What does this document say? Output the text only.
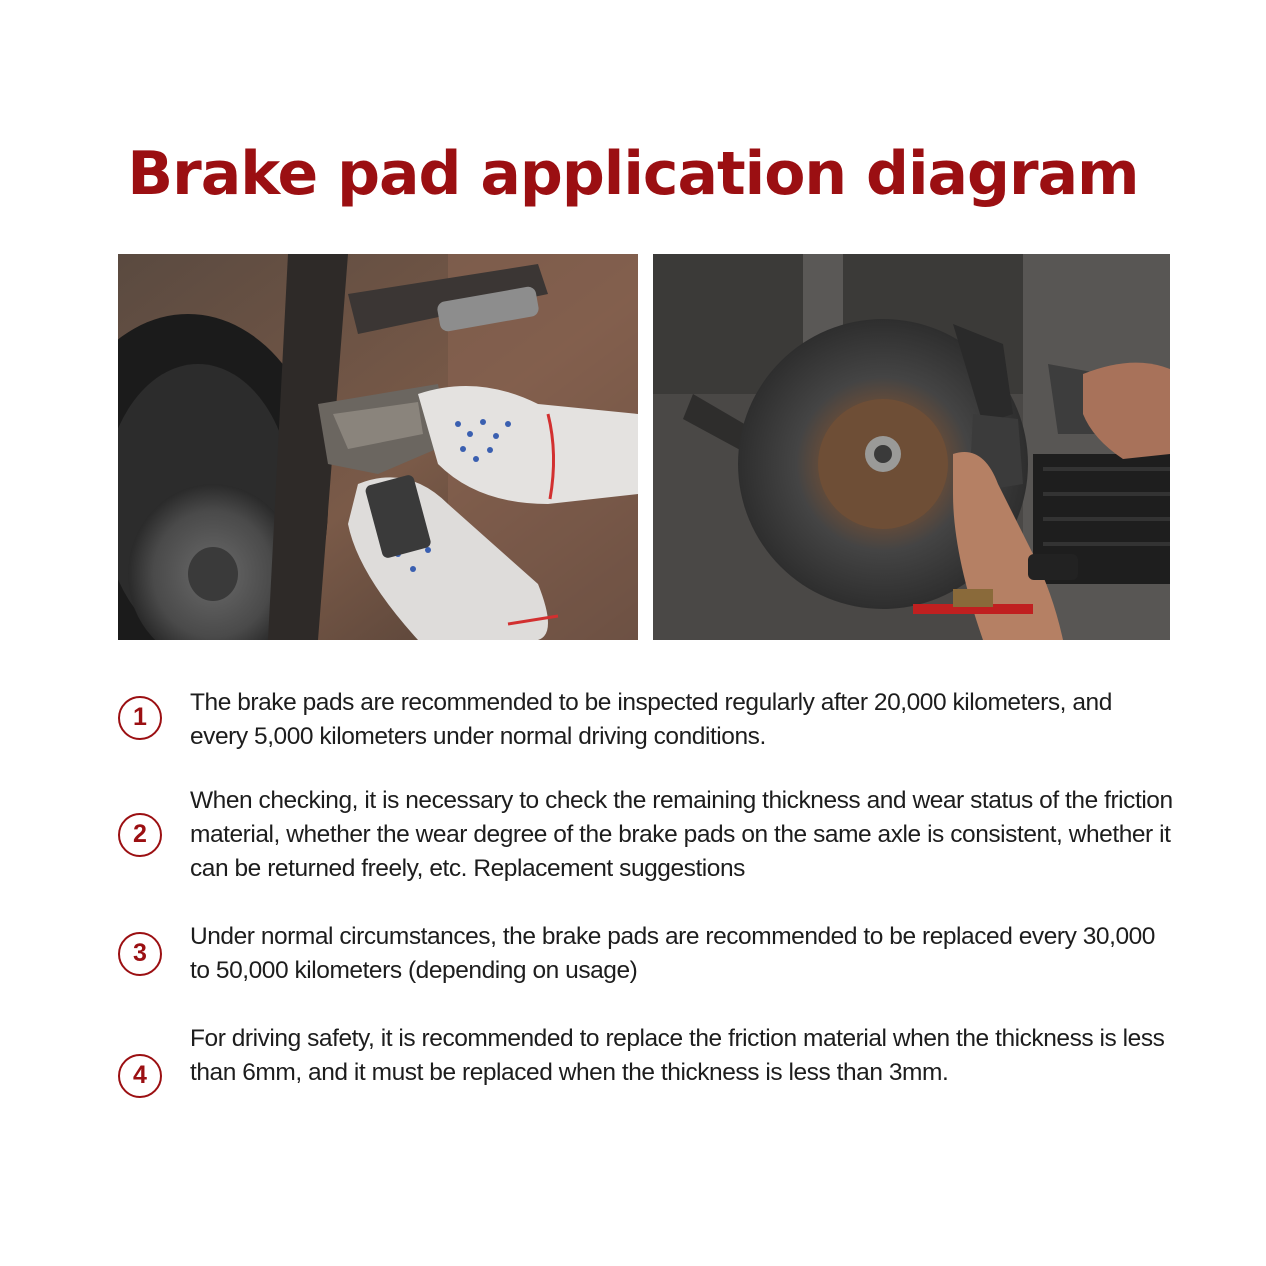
Brake pad application diagram
1

The brake pads are recommended to be inspected regularly after 20,000 kilometers, and every 5,000 kilometers under normal driving conditions.

2

When checking, it is necessary to check the remaining thickness and wear status of the friction material, whether the wear degree of the brake pads on the same axle is consistent, whether it can be returned freely, etc. Replacement suggestions

3

Under normal circumstances, the brake pads are recommended to be replaced every 30,000 to 50,000 kilometers (depending on usage)

4

For driving safety, it is recommended to replace the friction material when the thickness is less than 6mm, and it must be replaced when the thickness is less than 3mm.
